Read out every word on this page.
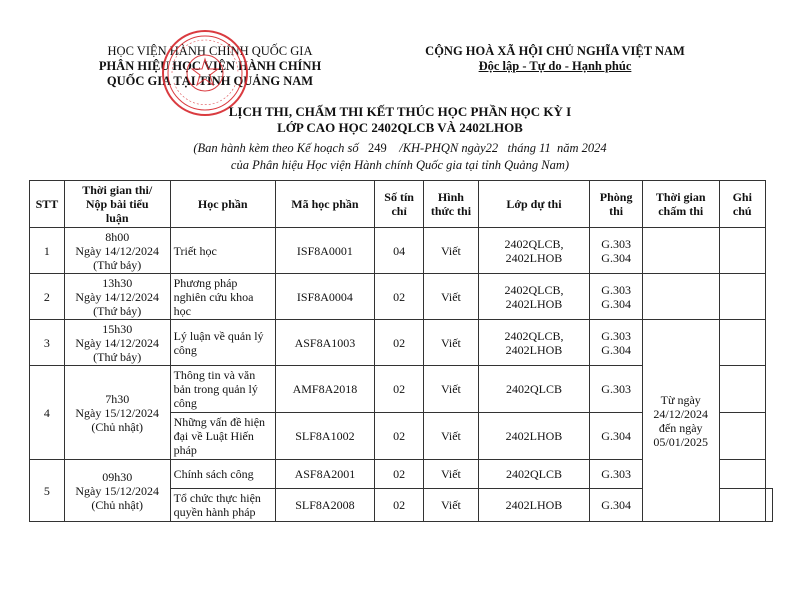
HỌC VIỆN HÀNH CHÍNH QUỐC GIA
PHÂN HIỆU HỌC VIỆN HÀNH CHÍNH
QUỐC GIA TẠI TỈNH QUẢNG NAM
CỘNG HOÀ XÃ HỘI CHỦ NGHĨA VIỆT NAM
Độc lập - Tự do - Hạnh phúc
LỊCH THI, CHẤM THI KẾT THÚC HỌC PHẦN HỌC KỲ I
LỚP CAO HỌC 2402QLCB VÀ 2402LHOB
(Ban hành kèm theo Kế hoạch số 249 /KH-PHQN ngày22 tháng 11 năm 2024
của Phân hiệu Học viện Hành chính Quốc gia tại tỉnh Quảng Nam)
STT	Thời gian thi/
Nộp bài tiểu
luận	Học phần	Mã học phần	Số tín
chỉ	Hình
thức thi	Lớp dự thi	Phòng
thi	Thời gian
chấm thi	Ghi
chú	
1	8h00
Ngày 14/12/2024
(Thứ bảy)	Triết học	ISF8A0001	04	Viết	2402QLCB,
2402LHOB	G.303
G.304			
2	13h30
Ngày 14/12/2024
(Thứ bảy)	Phương pháp nghiên cứu khoa học	ISF8A0004	02	Viết	2402QLCB,
2402LHOB	G.303
G.304			
3	15h30
Ngày 14/12/2024
(Thứ bảy)	Lý luận về quản lý công	ASF8A1003	02	Viết	2402QLCB,
2402LHOB	G.303
G.304	Từ ngày
24/12/2024
đến ngày
05/01/2025		
4	7h30
Ngày 15/12/2024
(Chủ nhật)	Thông tin và văn bản trong quản lý công	AMF8A2018	02	Viết	2402QLCB	G.303			
		Những vấn đề hiện đại về Luật Hiến pháp	SLF8A1002	02	Viết	2402LHOB	G.304			
5	09h30
Ngày 15/12/2024
(Chủ nhật)	Chính sách công	ASF8A2001	02	Viết	2402QLCB	G.303			
		Tổ chức thực hiện quyền hành pháp	SLF8A2008	02	Viết	2402LHOB	G.304			
